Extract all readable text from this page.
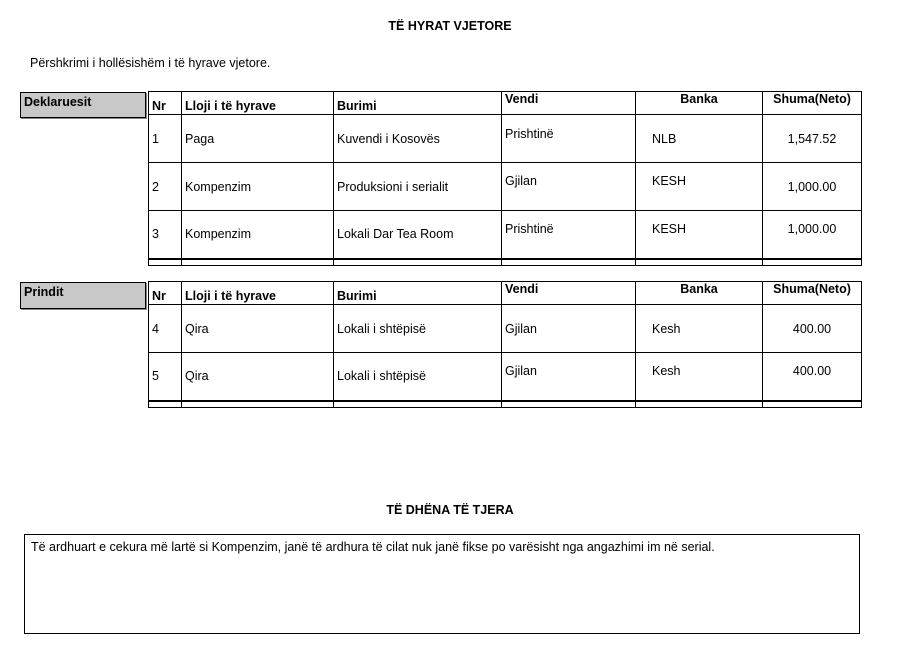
TË HYRAT VJETORE
Përshkrimi i hollësishëm i të hyrave vjetore.
Deklaruesit	Nr	Lloji i të hyrave	Burimi	Vendi	Banka	Shuma(Neto)
1	Paga	Kuvendi i Kosovës	Prishtinë	NLB	1,547.52
2	Kompenzim	Produksioni i serialit	Gjilan	KESH	1,000.00
3	Kompenzim	Lokali Dar Tea Room	Prishtinë	KESH	1,000.00

Prindit	Nr	Lloji i të hyrave	Burimi	Vendi	Banka	Shuma(Neto)
4	Qira	Lokali i shtëpisë	Gjilan	Kesh	400.00
5	Qira	Lokali i shtëpisë	Gjilan	Kesh	400.00

TË DHËNA TË TJERA
Të ardhuart e cekura më lartë si Kompenzim, janë të ardhura të cilat nuk janë fikse po varësisht nga angazhimi im në serial.
